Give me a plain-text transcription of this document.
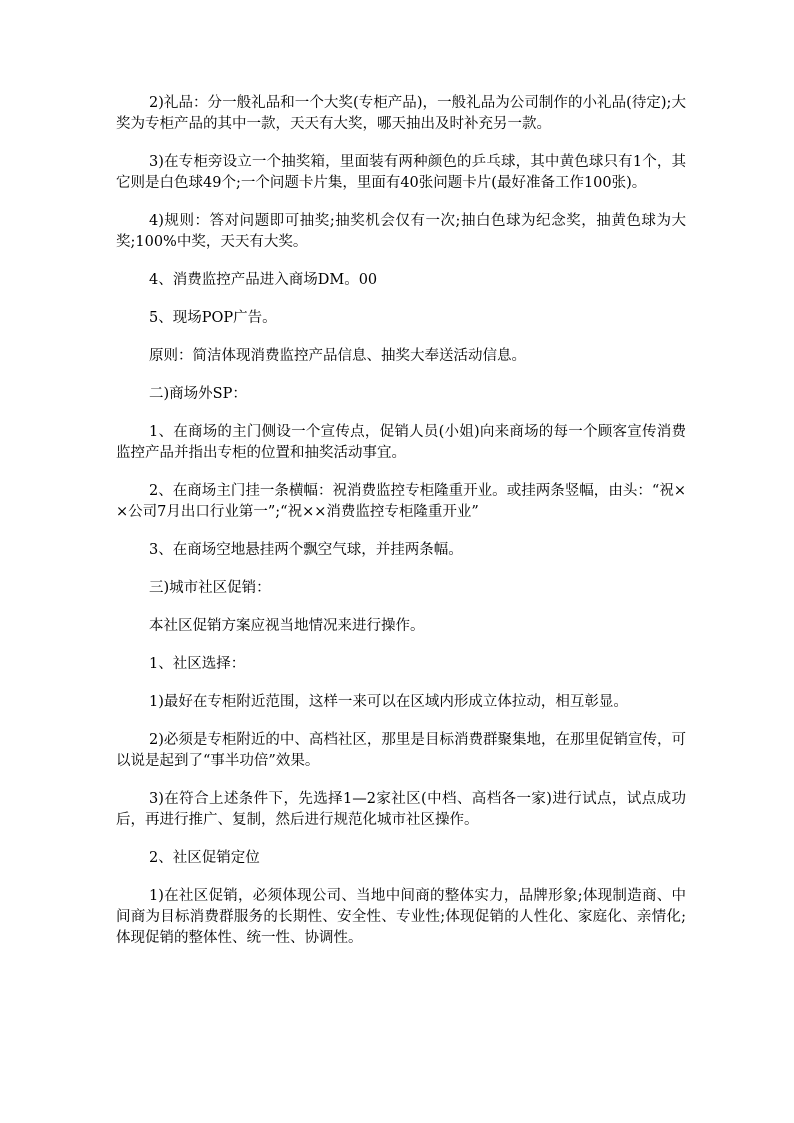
2)礼品：分一般礼品和一个大奖(专柜产品)，一般礼品为公司制作的小礼品(待定);大奖为专柜产品的其中一款，天天有大奖，哪天抽出及时补充另一款。

3)在专柜旁设立一个抽奖箱，里面装有两种颜色的乒乓球，其中黄色球只有1个，其它则是白色球49个;一个问题卡片集，里面有40张问题卡片(最好准备工作100张)。

4)规则：答对问题即可抽奖;抽奖机会仅有一次;抽白色球为纪念奖，抽黄色球为大奖;100%中奖，天天有大奖。

4、消费监控产品进入商场DM。00

5、现场POP广告。

原则：简洁体现消费监控产品信息、抽奖大奉送活动信息。

二)商场外SP：

1、在商场的主门侧设一个宣传点，促销人员(小姐)向来商场的每一个顾客宣传消费监控产品并指出专柜的位置和抽奖活动事宜。

2、在商场主门挂一条横幅：祝消费监控专柜隆重开业。或挂两条竖幅，由头：“祝××公司7月出口行业第一”;“祝××消费监控专柜隆重开业”

3、在商场空地悬挂两个飘空气球，并挂两条幅。

三)城市社区促销：

本社区促销方案应视当地情况来进行操作。

1、社区选择：

1)最好在专柜附近范围，这样一来可以在区域内形成立体拉动，相互彰显。

2)必须是专柜附近的中、高档社区，那里是目标消费群聚集地，在那里促销宣传，可以说是起到了“事半功倍”效果。

3)在符合上述条件下，先选择1—2家社区(中档、高档各一家)进行试点，试点成功后，再进行推广、复制，然后进行规范化城市社区操作。

2、社区促销定位

1)在社区促销，必须体现公司、当地中间商的整体实力，品牌形象;体现制造商、中间商为目标消费群服务的长期性、安全性、专业性;体现促销的人性化、家庭化、亲情化;体现促销的整体性、统一性、协调性。
